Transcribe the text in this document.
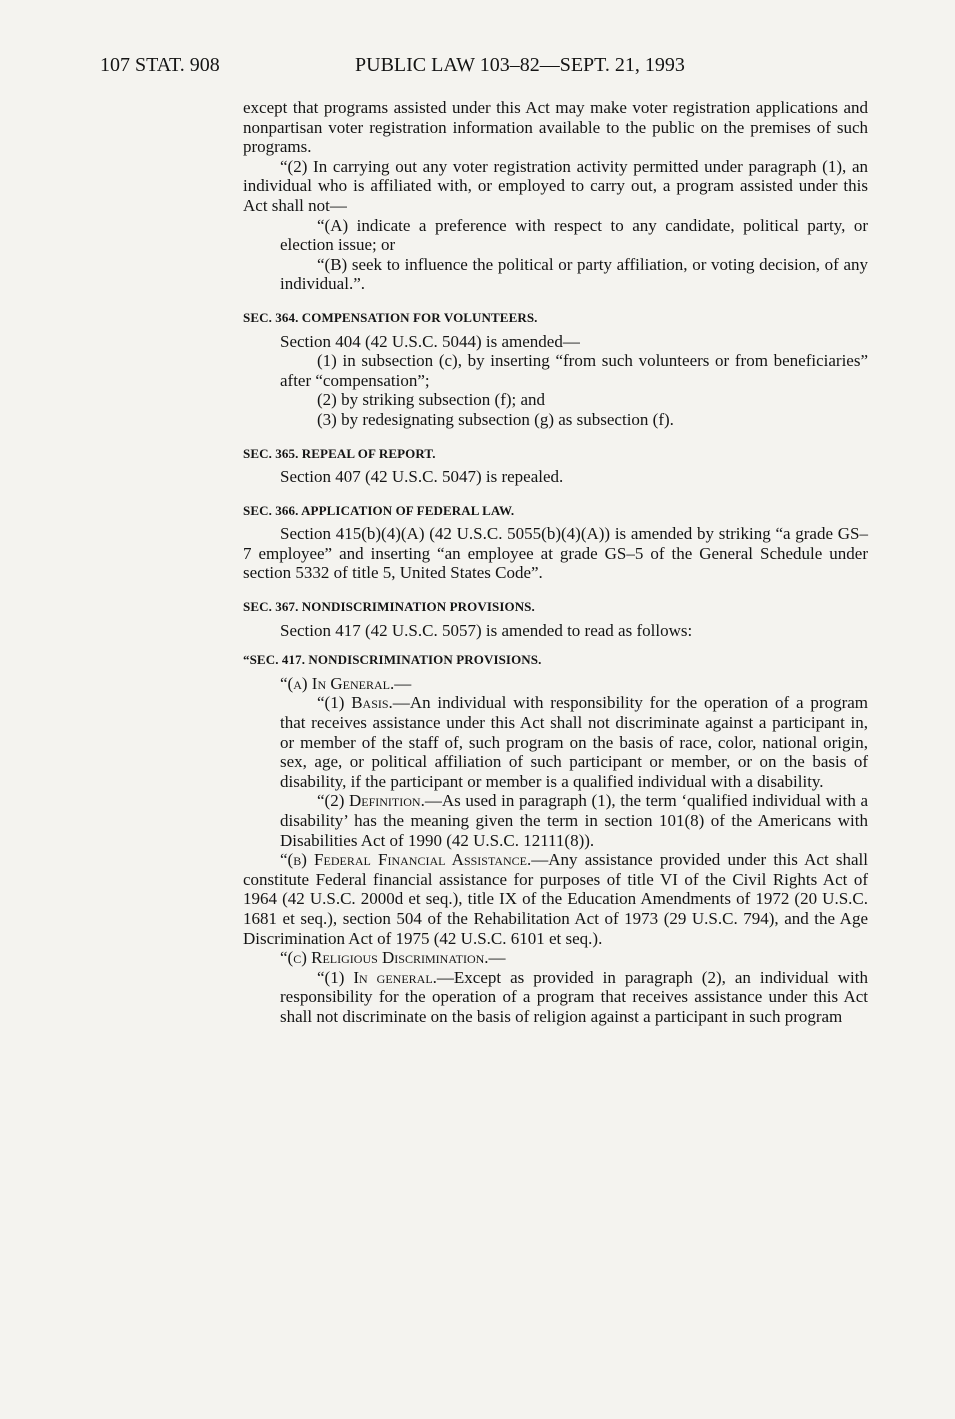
107 STAT. 908	PUBLIC LAW 103–82—SEPT. 21, 1993

except that programs assisted under this Act may make voter registration applications and nonpartisan voter registration information available to the public on the premises of such programs.

“(2) In carrying out any voter registration activity permitted under paragraph (1), an individual who is affiliated with, or employed to carry out, a program assisted under this Act shall not—

“(A) indicate a preference with respect to any candidate, political party, or election issue; or

“(B) seek to influence the political or party affiliation, or voting decision, of any individual.”.

SEC. 364. COMPENSATION FOR VOLUNTEERS.

Section 404 (42 U.S.C. 5044) is amended—

(1) in subsection (c), by inserting “from such volunteers or from beneficiaries” after “compensation”;

(2) by striking subsection (f); and

(3) by redesignating subsection (g) as subsection (f).

SEC. 365. REPEAL OF REPORT.

Section 407 (42 U.S.C. 5047) is repealed.

SEC. 366. APPLICATION OF FEDERAL LAW.

Section 415(b)(4)(A) (42 U.S.C. 5055(b)(4)(A)) is amended by striking “a grade GS–7 employee” and inserting “an employee at grade GS–5 of the General Schedule under section 5332 of title 5, United States Code”.

SEC. 367. NONDISCRIMINATION PROVISIONS.

Section 417 (42 U.S.C. 5057) is amended to read as follows:

“SEC. 417. NONDISCRIMINATION PROVISIONS.

“(a) In General.—

“(1) Basis.—An individual with responsibility for the operation of a program that receives assistance under this Act shall not discriminate against a participant in, or member of the staff of, such program on the basis of race, color, national origin, sex, age, or political affiliation of such participant or member, or on the basis of disability, if the participant or member is a qualified individual with a disability.

“(2) Definition.—As used in paragraph (1), the term ‘qualified individual with a disability’ has the meaning given the term in section 101(8) of the Americans with Disabilities Act of 1990 (42 U.S.C. 12111(8)).

“(b) Federal Financial Assistance.—Any assistance provided under this Act shall constitute Federal financial assistance for purposes of title VI of the Civil Rights Act of 1964 (42 U.S.C. 2000d et seq.), title IX of the Education Amendments of 1972 (20 U.S.C. 1681 et seq.), section 504 of the Rehabilitation Act of 1973 (29 U.S.C. 794), and the Age Discrimination Act of 1975 (42 U.S.C. 6101 et seq.).

“(c) Religious Discrimination.—

“(1) In general.—Except as provided in paragraph (2), an individual with responsibility for the operation of a program that receives assistance under this Act shall not discriminate on the basis of religion against a participant in such program
